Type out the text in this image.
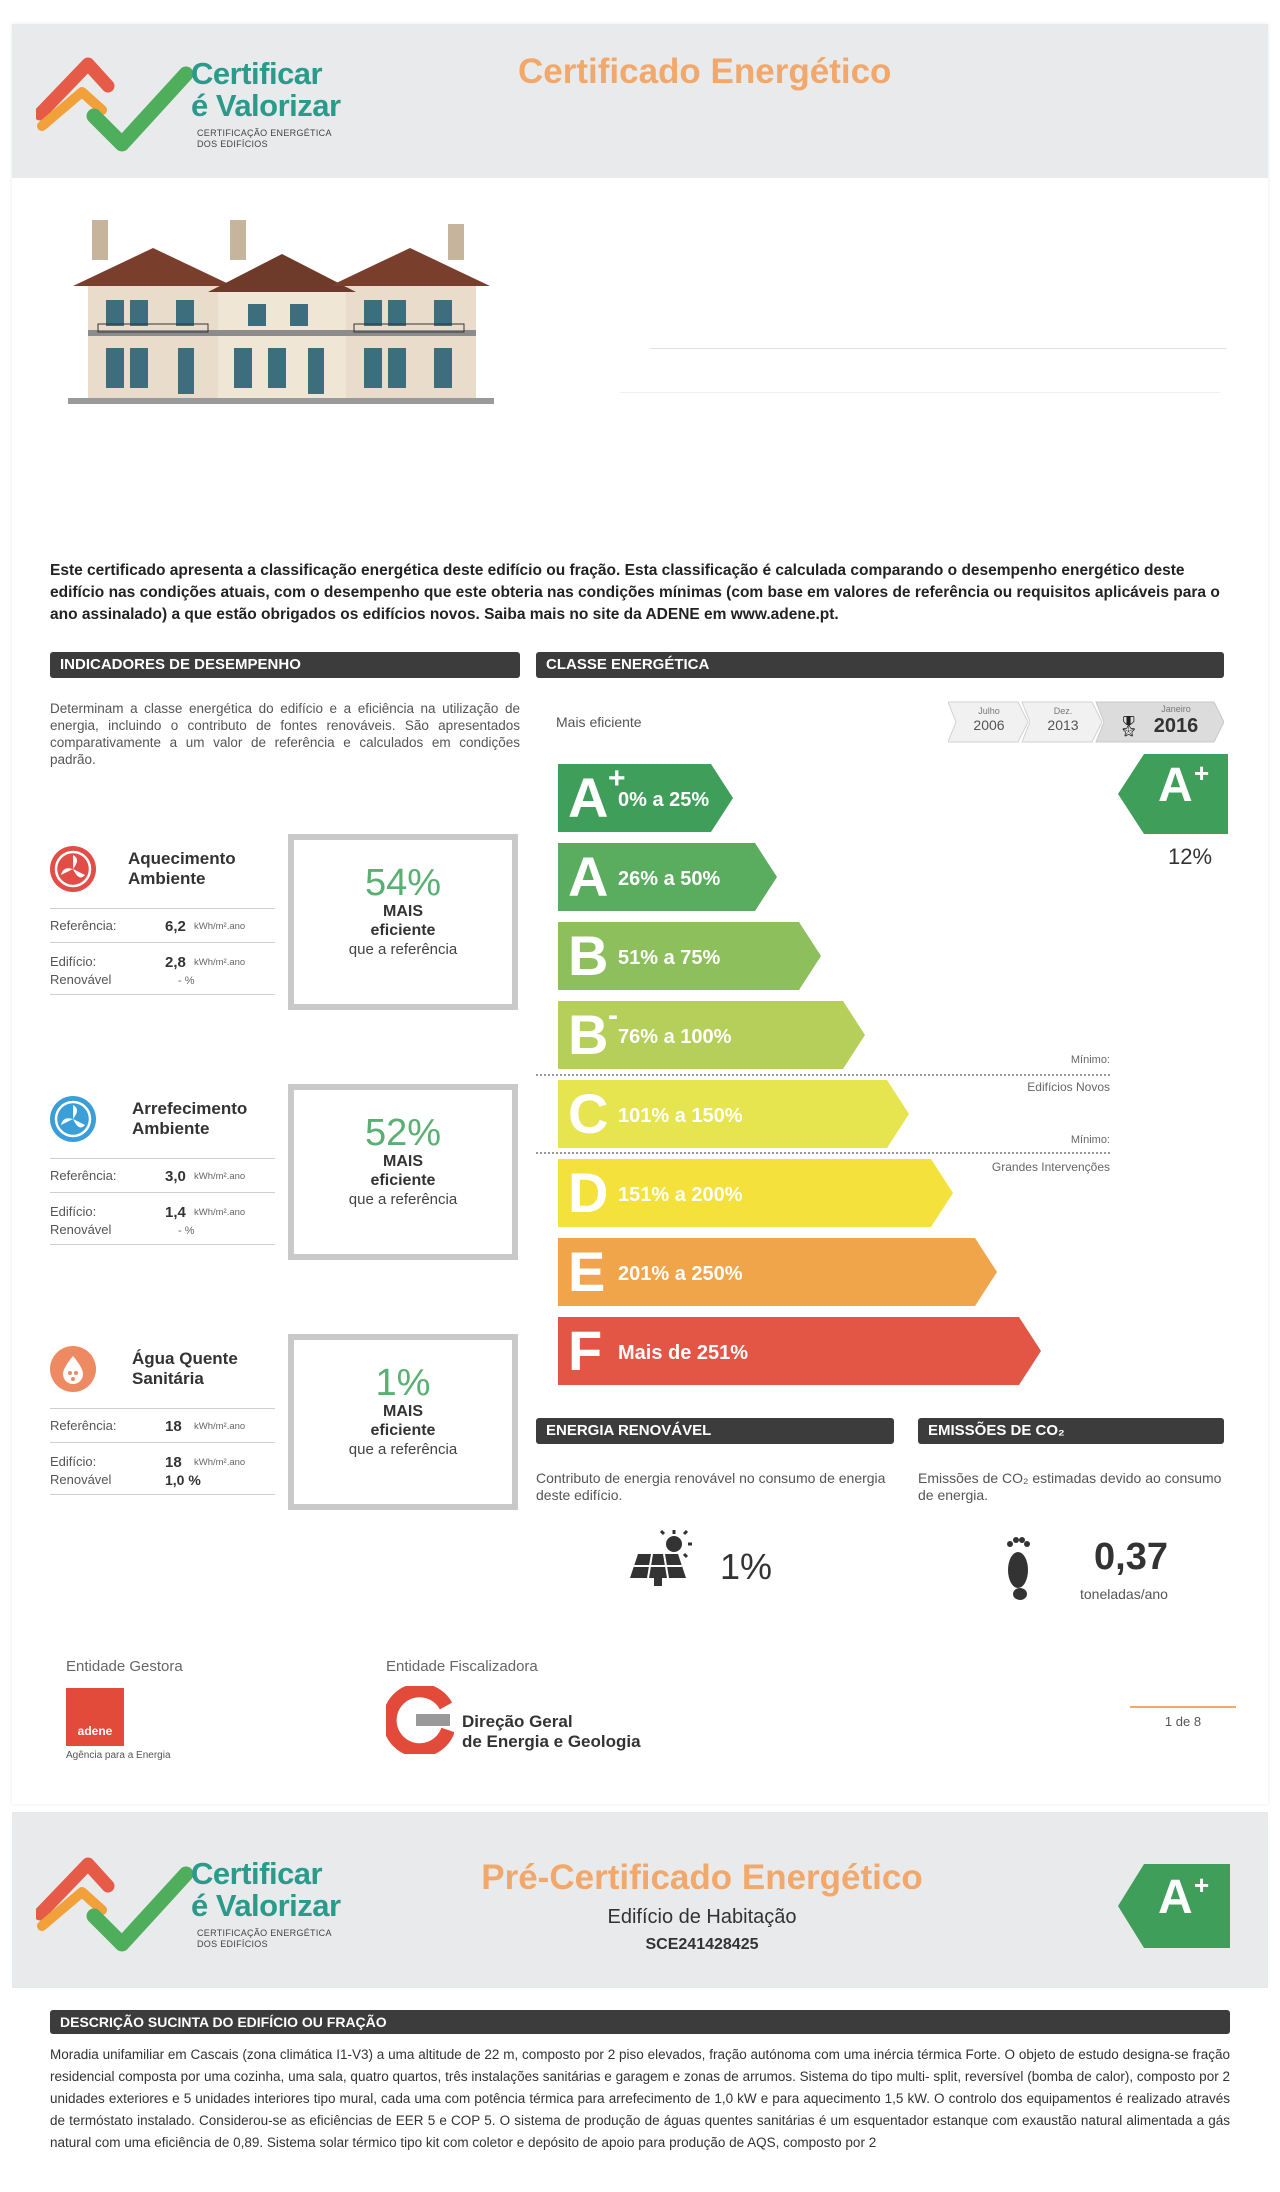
Certificar
é Valorizar
CERTIFICAÇÃO ENERGÉTICA
DOS EDIFÍCIOS
Certificado Energético
Este certificado apresenta a classificação energética deste edifício ou fração. Esta classificação é calculada comparando o desempenho energético deste edifício nas condições atuais, com o desempenho que este obteria nas condições mínimas (com base em valores de referência ou requisitos aplicáveis para o ano assinalado) a que estão obrigados os edifícios novos. Saiba mais no site da ADENE em www.adene.pt.
INDICADORES DE DESEMPENHO
Determinam a classe energética do edifício e a eficiência na utilização de energia, incluindo o contributo de fontes renováveis. São apresentados comparativamente a um valor de referência e calculados em condições padrão.
Aquecimento
Ambiente
Referência:	6,2 kWh/m².ano
Edifício:	2,8 kWh/m².ano
Renovável	- %
54%
MAIS
eficiente
que a referência
Arrefecimento
Ambiente
Referência:	3,0 kWh/m².ano
Edifício:	1,4 kWh/m².ano
Renovável	- %
52%
MAIS
eficiente
que a referência
Água Quente
Sanitária
Referência:	18 kWh/m².ano
Edifício:	18 kWh/m².ano
Renovável	1,0 %
1%
MAIS
eficiente
que a referência
CLASSE ENERGÉTICA
Mais eficiente
Julho
2006
Dez.
2013	🎖
Janeiro
2016
A +
0% a 25%
A 26% a 50%
B 51% a 75%
B -
76% a 100%
C 101% a 150%
D 151% a 200%
E 201% a 250%
F Mais de 251%
A +
12%
Mínimo:
Edifícios Novos
Mínimo:
Grandes Intervenções
ENERGIA RENOVÁVEL
Contributo de energia renovável no consumo de energia deste edifício.
1%
EMISSÕES DE CO₂
Emissões de CO₂ estimadas devido ao consumo de energia.
0,37
toneladas/ano
Entidade Gestora
adene
Agência para a Energia
Entidade Fiscalizadora
Direção Geral
de Energia e Geologia
1 de 8
Certificar
é Valorizar
CERTIFICAÇÃO ENERGÉTICA
DOS EDIFÍCIOS
Pré-Certificado Energético
Edifício de Habitação
SCE241428425
A +
DESCRIÇÃO SUCINTA DO EDIFÍCIO OU FRAÇÃO
Moradia unifamiliar em Cascais (zona climática I1-V3) a uma altitude de 22 m, composto por 2 piso elevados, fração autónoma com uma inércia térmica Forte. O objeto de estudo designa-se fração residencial composta por uma cozinha, uma sala, quatro quartos, três instalações sanitárias e garagem e zonas de arrumos. Sistema do tipo multi- split, reversível (bomba de calor), composto por 2 unidades exteriores e 5 unidades interiores tipo mural, cada uma com potência térmica para arrefecimento de 1,0 kW e para aquecimento 1,5 kW. O controlo dos equipamentos é realizado através de termóstato instalado. Considerou-se as eficiências de EER 5 e COP 5. O sistema de produção de águas quentes sanitárias é um esquentador estanque com exaustão natural alimentada a gás natural com uma eficiência de 0,89. Sistema solar térmico tipo kit com coletor e depósito de apoio para produção de AQS, composto por 2
